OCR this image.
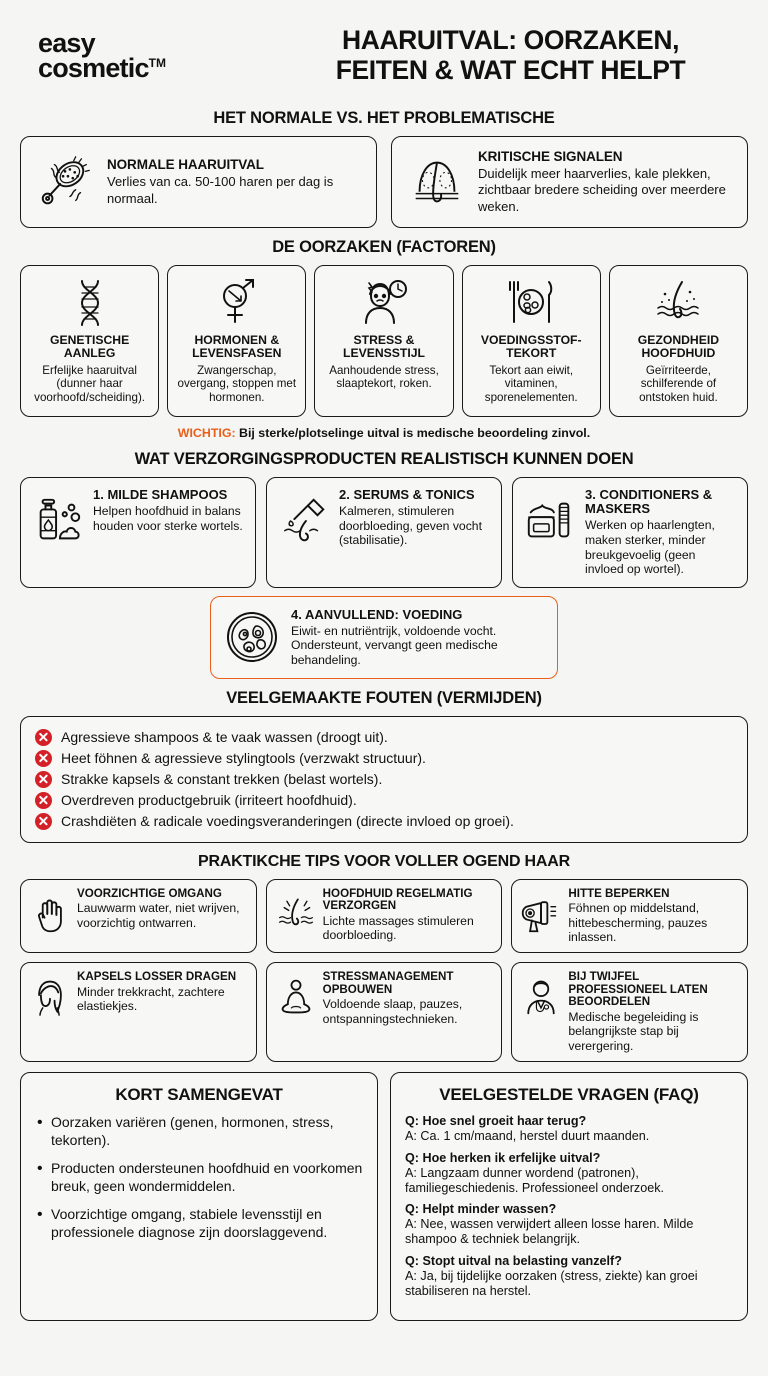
easy
cosmetic™
HAARUITVAL: OORZAKEN,
FEITEN & WAT ECHT HELPT
HET NORMALE VS. HET PROBLEMATISCHE
NORMALE HAARUITVAL

Verlies van ca. 50-100 haren per dag is normaal.

KRITISCHE SIGNALEN

Duidelijk meer haarverlies, kale plekken, zichtbaar bredere scheiding over meerdere weken.

DE OORZAKEN (FACTOREN)
GENETISCHE AANLEG

Erfelijke haaruitval (dunner haar voorhoofd/scheiding).

HORMONEN & LEVENSFASEN

Zwangerschap, overgang, stoppen met hormonen.

STRESS & LEVENSSTIJL

Aanhoudende stress, slaaptekort, roken.

VOEDINGSSTOF-TEKORT

Tekort aan eiwit, vitaminen, sporenelementen.

GEZONDHEID HOOFDHUID

Geïrriteerde, schilferende of ontstoken huid.

WICHTIG: Bij sterke/plotselinge uitval is medische beoordeling zinvol.
WAT VERZORGINGSPRODUCTEN REALISTISCH KUNNEN DOEN
1. MILDE SHAMPOOS

Helpen hoofdhuid in balans houden voor sterke wortels.

2. SERUMS & TONICS

Kalmeren, stimuleren doorbloeding, geven vocht (stabilisatie).

3. CONDITIONERS & MASKERS

Werken op haarlengten, maken sterker, minder breukgevoelig (geen invloed op wortel).

4. AANVULLEND: VOEDING

Eiwit- en nutriëntrijk, voldoende vocht. Ondersteunt, vervangt geen medische behandeling.

VEELGEMAAKTE FOUTEN (VERMIJDEN)
Agressieve shampoos & te vaak wassen (droogt uit).
Heet föhnen & agressieve stylingtools (verzwakt structuur).
Strakke kapsels & constant trekken (belast wortels).
Overdreven productgebruik (irriteert hoofdhuid).
Crashdiëten & radicale voedingsveranderingen (directe invloed op groei).
PRAKTIKCHE TIPS VOOR VOLLER OGEND HAAR
VOORZICHTIGE OMGANG

Lauwwarm water, niet wrijven, voorzichtig ontwarren.

HOOFDHUID REGELMATIG VERZORGEN

Lichte massages stimuleren doorbloeding.

HITTE BEPERKEN

Föhnen op middelstand, hittebescherming, pauzes inlassen.

KAPSELS LOSSER DRAGEN

Minder trekkracht, zachtere elastiekjes.

STRESSMANAGEMENT OPBOUWEN

Voldoende slaap, pauzes, ontspanningstechnieken.

BIJ TWIJFEL PROFESSIONEEL LATEN BEOORDELEN

Medische begeleiding is belangrijkste stap bij verergering.

KORT SAMENGEVAT
• Oorzaken variëren (genen, hormonen, stress, tekorten).
• Producten ondersteunen hoofdhuid en voorkomen breuk, geen wondermiddelen.
• Voorzichtige omgang, stabiele levensstijl en professionele diagnose zijn doorslaggevend.
VEELGESTELDE VRAGEN (FAQ)
Q: Hoe snel groeit haar terug?
A: Ca. 1 cm/maand, herstel duurt maanden.
Q: Hoe herken ik erfelijke uitval?
A: Langzaam dunner wordend (patronen), familiegeschiedenis. Professioneel onderzoek.
Q: Helpt minder wassen?
A: Nee, wassen verwijdert alleen losse haren. Milde shampoo & techniek belangrijk.
Q: Stopt uitval na belasting vanzelf?
A: Ja, bij tijdelijke oorzaken (stress, ziekte) kan groei stabiliseren na herstel.
